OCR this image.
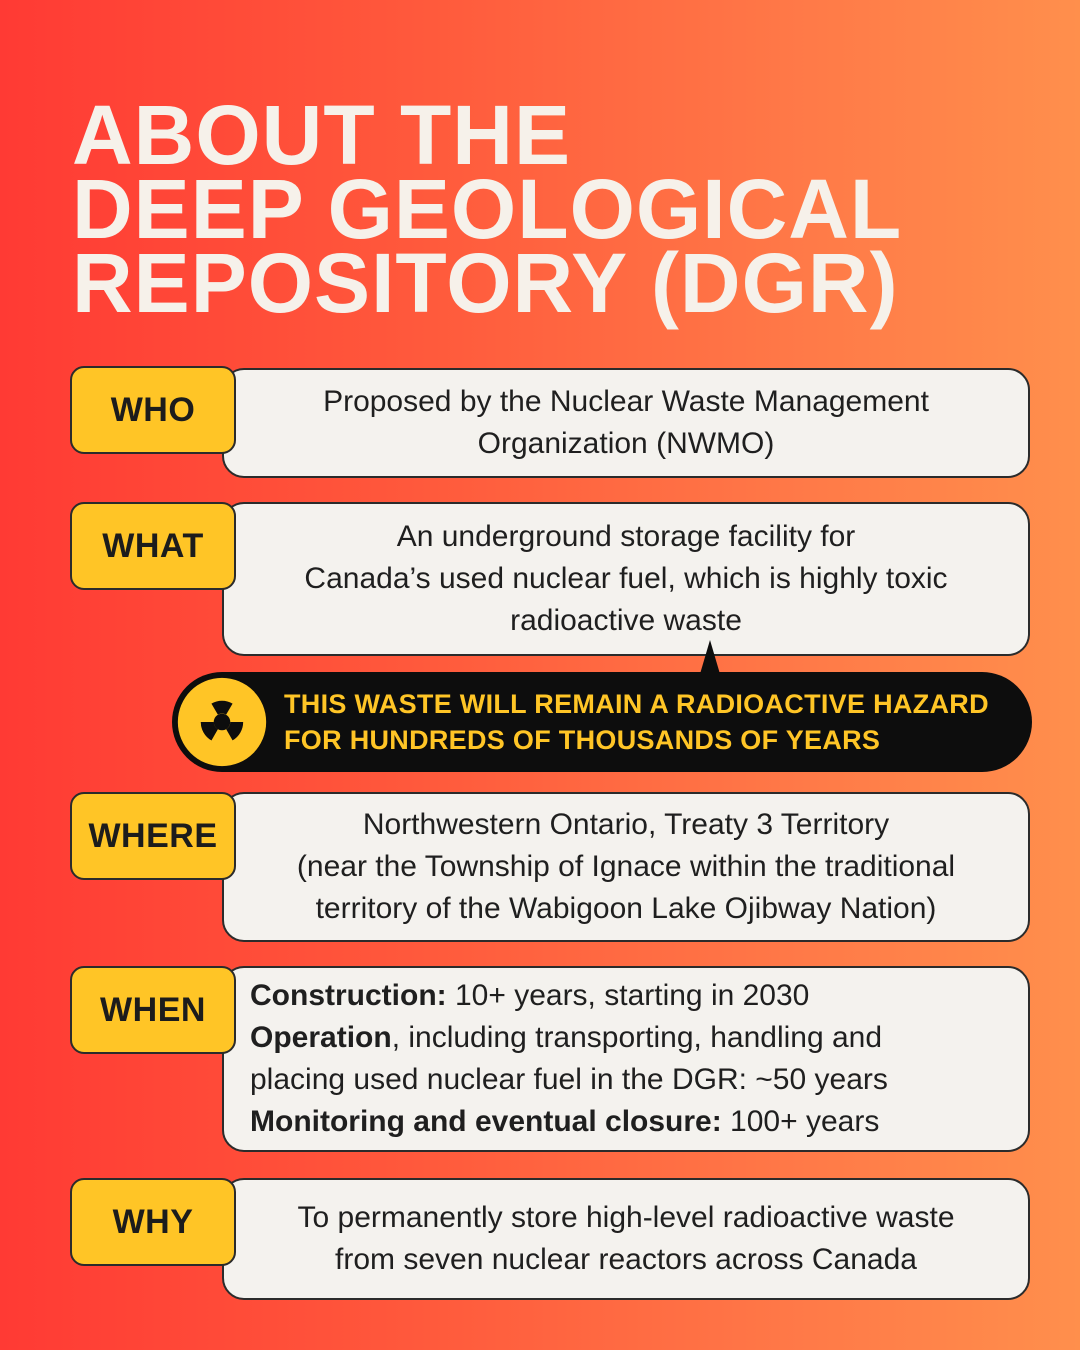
ABOUT THE
DEEP GEOLOGICAL
REPOSITORY (DGR)
Proposed by the Nuclear Waste Management
Organization (NWMO)
WHO
An underground storage facility for
Canada’s used nuclear fuel, which is highly toxic
radioactive waste
WHAT
THIS WASTE WILL REMAIN A RADIOACTIVE HAZARD
FOR HUNDREDS OF THOUSANDS OF YEARS
Northwestern Ontario, Treaty 3 Territory
(near the Township of Ignace within the traditional
territory of the Wabigoon Lake Ojibway Nation)
WHERE
Construction: 10+ years, starting in 2030
Operation, including transporting, handling and
placing used nuclear fuel in the DGR: ~50 years
Monitoring and eventual closure: 100+ years
WHEN
To permanently store high-level radioactive waste
from seven nuclear reactors across Canada
WHY
